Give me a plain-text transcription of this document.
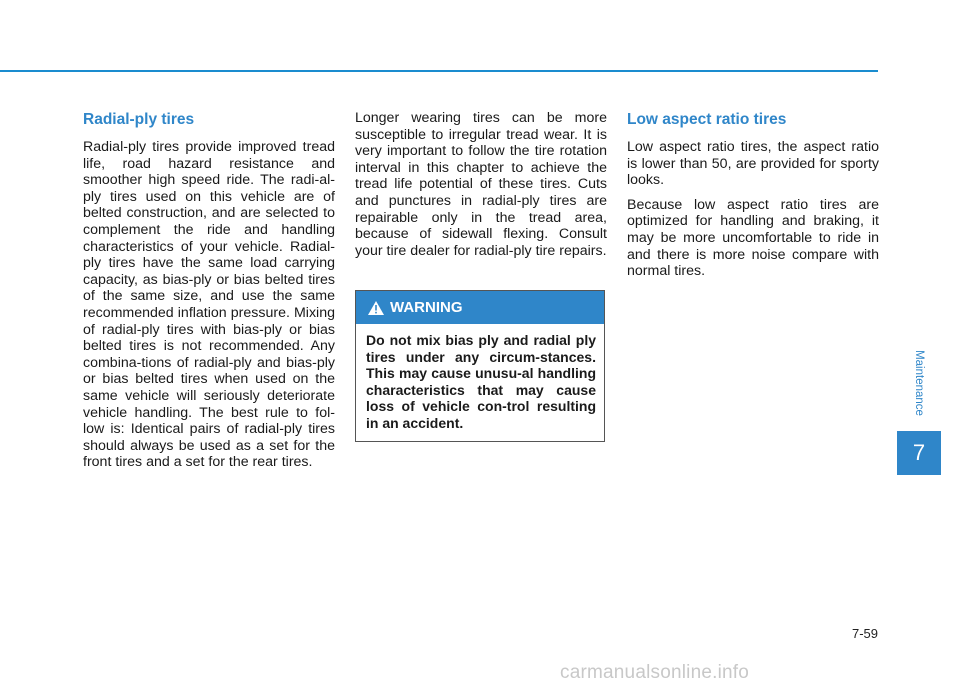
Radial-ply tires

Radial-ply tires provide improved tread life, road hazard resistance and smoother high speed ride. The radi-al-ply tires used on this vehicle are of belted construction, and are selected to complement the ride and handling characteristics of your vehicle. Radial-ply tires have the same load carrying capacity, as bias-ply or bias belted tires of the same size, and use the same recommended inflation pressure. Mixing of radial-ply tires with bias-ply or bias belted tires is not recommended. Any combina-tions of radial-ply and bias-ply or bias belted tires when used on the same vehicle will seriously deteriorate vehicle handling. The best rule to fol-low is: Identical pairs of radial-ply tires should always be used as a set for the front tires and a set for the rear tires.

Longer wearing tires can be more susceptible to irregular tread wear. It is very important to follow the tire rotation interval in this chapter to achieve the tread life potential of these tires. Cuts and punctures in radial-ply tires are repairable only in the tread area, because of sidewall flexing. Consult your tire dealer for radial-ply tire repairs.

WARNING
Do not mix bias ply and radial ply tires under any circum-stances. This may cause unusu-al handling characteristics that may cause loss of vehicle con-trol resulting in an accident.
Low aspect ratio tires

Low aspect ratio tires, the aspect ratio is lower than 50, are provided for sporty looks.

Because low aspect ratio tires are optimized for handling and braking, it may be more uncomfortable to ride in and there is more noise compare with normal tires.

Maintenance
7
7-59
carmanualsonline.info
